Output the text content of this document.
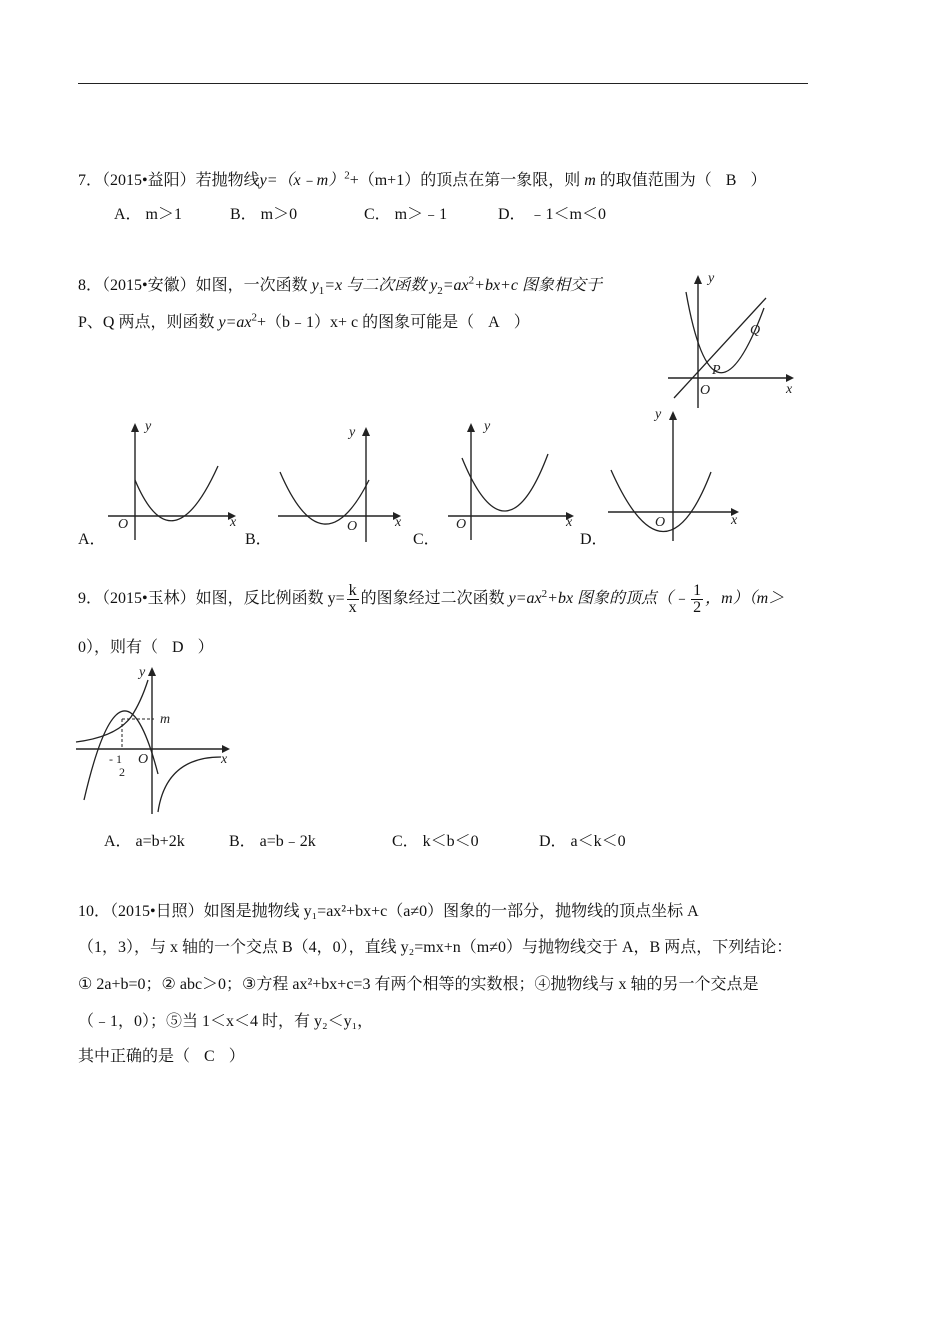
7．（2015•益阳）若抛物线y=（x﹣m）$^2$+（m+1）的顶点在第一象限，则 m 的取值范围为（ B ）
A． m＞1	B． m＞0	C． m＞﹣1	D． ﹣1＜m＜0
8．（2015•安徽）如图，一次函数 $y_1=x$ 与二次函数 $y_2=ax^2+bx+c$ 图象相交于
P、Q 两点，则函数 $y=ax^2+(b﹣1)x+ c$ 的图象可能是（ A ）
y
x
O
P
Q
y
x
O
A．
y
x
O
B．
y
x
O
C．
y
x
O
D．
9．（2015•玉林）如图，反比例函数 $y= \frac{k}{x}$ 的图象经过二次函数 $y=ax^2+bx$ 图象的顶点（﹣ $\frac{1}{2}$ ，m）（m＞
0），则有（ D ）
y
x
O
m
- 1
2
A． a=b+2k	B． a=b﹣2k	C． k＜b＜0	D． a＜k＜0
10．（2015•日照）如图是抛物线 y₁=ax²+bx+c（a≠0）图象的一部分，抛物线的顶点坐标 A
（1，3），与 x 轴的一个交点 B（4，0），直线 y₂=mx+n（m≠0）与抛物线交于 A，B 两点，下列结论：
① 2a+b=0；② abc＞0；③方程 ax²+bx+c=3 有两个相等的实数根；④抛物线与 x 轴的另一个交点是
（﹣1，0）；⑤当 1＜x＜4 时，有 y₂＜y₁，
其中正确的是（ C ）
